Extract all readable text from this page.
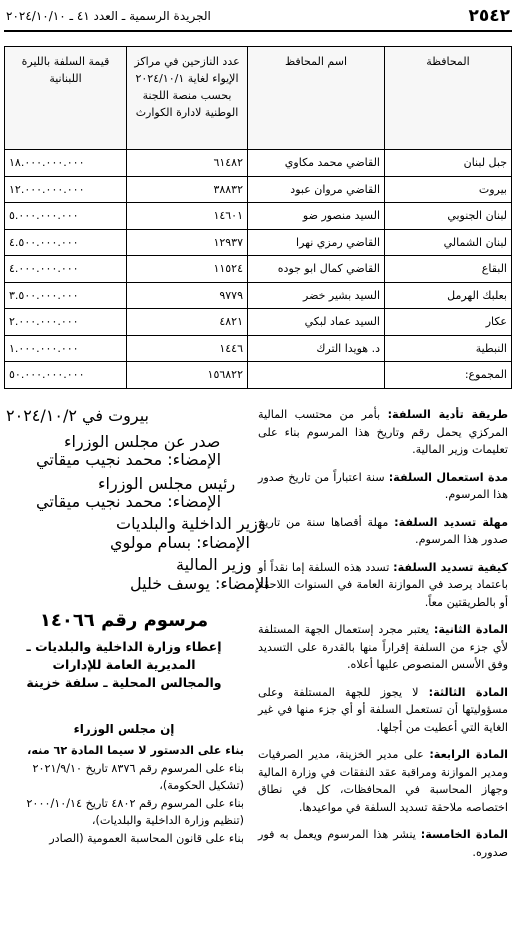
٢٥٤٢
الجريدة الرسمية ـ العدد ٤١ ـ ٢٠٢٤/١٠/١٠
المحافظة	اسم المحافظ	عدد النازحين في مراكز الإيواء لغاية ٢٠٢٤/١٠/١ بحسب منصة اللجنة الوطنية لادارة الكوارث	قيمة السلفة بالليرة اللبنانية
جبل لبنان	القاضي محمد مكاوي	٦١٤٨٢	١٨.٠٠٠.٠٠٠.٠٠٠
بيروت	القاضي مروان عبود	٣٨٨٣٢	١٢.٠٠٠.٠٠٠.٠٠٠
لبنان الجنوبي	السيد منصور ضو	١٤٦٠١	٥.٠٠٠.٠٠٠.٠٠٠
لبنان الشمالي	القاضي رمزي نهرا	١٢٩٣٧	٤.٥٠٠.٠٠٠.٠٠٠
البقاع	القاضي كمال ابو جوده	١١٥٢٤	٤.٠٠٠.٠٠٠.٠٠٠
بعلبك الهرمل	السيد بشير خضر	٩٧٧٩	٣.٥٠٠.٠٠٠.٠٠٠
عكار	السيد عماد لبكي	٤٨٢١	٢.٠٠٠.٠٠٠.٠٠٠
النبطية	د. هويدا الترك	١٤٤٦	١.٠٠٠.٠٠٠.٠٠٠
المجموع:		١٥٦٨٢٢	٥٠.٠٠٠.٠٠٠.٠٠٠

طريقة تأدية السلفة: بأمر من محتسب المالية المركزي يحمل رقم وتاريخ هذا المرسوم بناء على تعليمات وزير المالية.

مدة استعمال السلفة: سنة اعتباراً من تاريخ صدور هذا المرسوم.

مهلة تسديد السلفة: مهلة أقصاها سنة من تاريخ صدور هذا المرسوم.

كيفية تسديد السلفة: تسدد هذه السلفة إما نقداً أو باعتماد يرصد في الموازنة العامة في السنوات اللاحقة أو بالطريقتين معاً.

المادة الثانية: يعتبر مجرد إستعمال الجهة المستلفة لأي جزء من السلفة إقراراً منها بالقدرة على التسديد وفق الأسس المنصوص عليها أعلاه.

المادة الثالثة: لا يجوز للجهة المستلفة وعلى مسؤوليتها أن تستعمل السلفة أو أي جزء منها في غير الغاية التي أعطيت من أجلها.

المادة الرابعة: على مدير الخزينة، مدير الصرفيات ومدير الموازنة ومراقبة عقد النفقات في وزارة المالية وجهاز المحاسبة في المحافظات، كل في نطاق اختصاصه ملاحقة تسديد السلفة في مواعيدها.

المادة الخامسة: ينشر هذا المرسوم ويعمل به فور صدوره.

بيروت في ٢٠٢٤/١٠/٢
صدر عن مجلس الوزراء
الإمضاء: محمد نجيب ميقاتي
رئيس مجلس الوزراء
الإمضاء: محمد نجيب ميقاتي
وزير الداخلية والبلديات
الإمضاء: بسام مولوي
وزير المالية
الإمضاء: يوسف خليل
مرسوم رقم ١٤٠٦٦
إعطاء وزارة الداخلية والبلديات ـ
المديرية العامة للإدارات
والمجالس المحلية ـ سلفة خزينة
إن مجلس الوزراء
بناء على الدستور لا سيما المادة ٦٢ منه،
بناء على المرسوم رقم ٨٣٧٦ تاريخ ٢٠٢١/٩/١٠
(تشكيل الحكومة)،
بناء على المرسوم رقم ٤٨٠٢ تاريخ ٢٠٠٠/١٠/١٤
(تنظيم وزارة الداخلية والبلديات)،
بناء على قانون المحاسبة العمومية (الصادر
